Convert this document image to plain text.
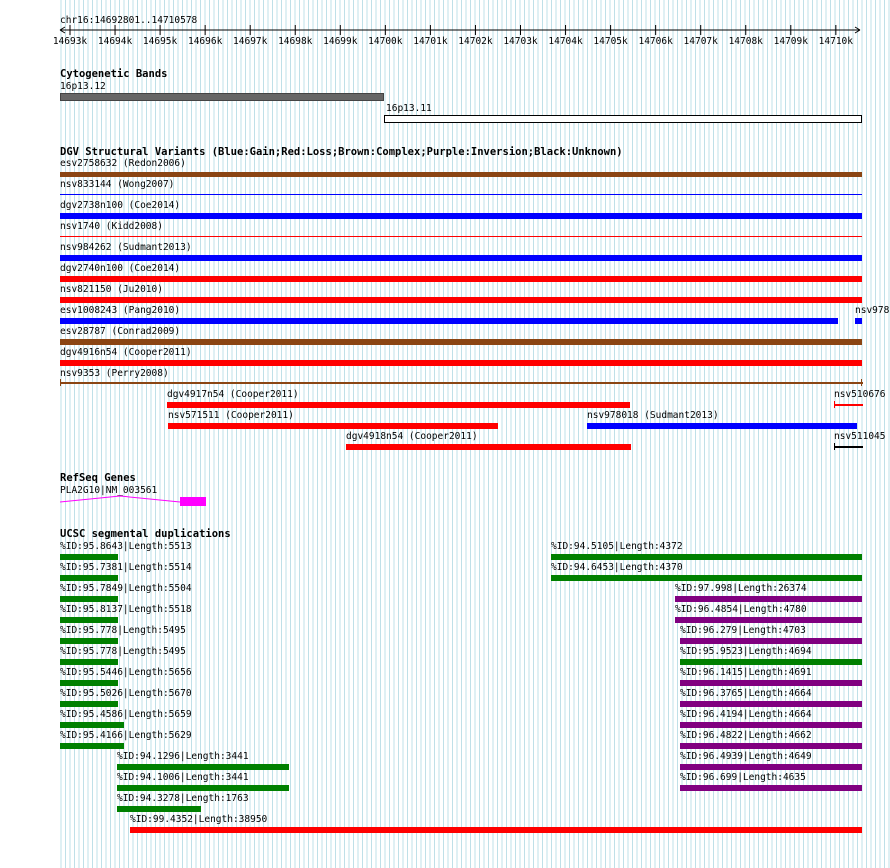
14693k 14694k 14695k 14696k 14697k 14698k 14699k 14700k 14701k 14702k 14703k 14704k 14705k 14706k 14707k 14708k 14709k 14710k
chr16:14692801..14710578
Cytogenetic Bands
16p13.12
16p13.11
DGV Structural Variants (Blue:Gain;Red:Loss;Brown:Complex;Purple:Inversion;Black:Unknown)
esv2758632 (Redon2006)
nsv833144 (Wong2007)
dgv2738n100 (Coe2014)
nsv1740 (Kidd2008)
nsv984262 (Sudmant2013)
dgv2740n100 (Coe2014)
nsv821150 (Ju2010)
esv1008243 (Pang2010)	nsv978
esv28787 (Conrad2009)
dgv4916n54 (Cooper2011)
nsv9353 (Perry2008)
dgv4917n54 (Cooper2011)	nsv510676
nsv571511 (Cooper2011)	nsv978018 (Sudmant2013)
dgv4918n54 (Cooper2011)	nsv511045
RefSeq Genes
PLA2G10|NM_003561
UCSC segmental duplications
%ID:95.8643|Length:5513
%ID:95.7381|Length:5514
%ID:95.7849|Length:5504
%ID:95.8137|Length:5518
%ID:95.778|Length:5495
%ID:95.778|Length:5495
%ID:95.5446|Length:5656
%ID:95.5026|Length:5670
%ID:95.4586|Length:5659
%ID:95.4166|Length:5629
%ID:94.1296|Length:3441
%ID:94.1006|Length:3441
%ID:94.3278|Length:1763
%ID:99.4352|Length:38950
%ID:94.5105|Length:4372
%ID:94.6453|Length:4370
%ID:97.998|Length:26374
%ID:96.4854|Length:4780
%ID:96.279|Length:4703
%ID:95.9523|Length:4694
%ID:96.1415|Length:4691
%ID:96.3765|Length:4664
%ID:96.4194|Length:4664
%ID:96.4822|Length:4662
%ID:96.4939|Length:4649
%ID:96.699|Length:4635
